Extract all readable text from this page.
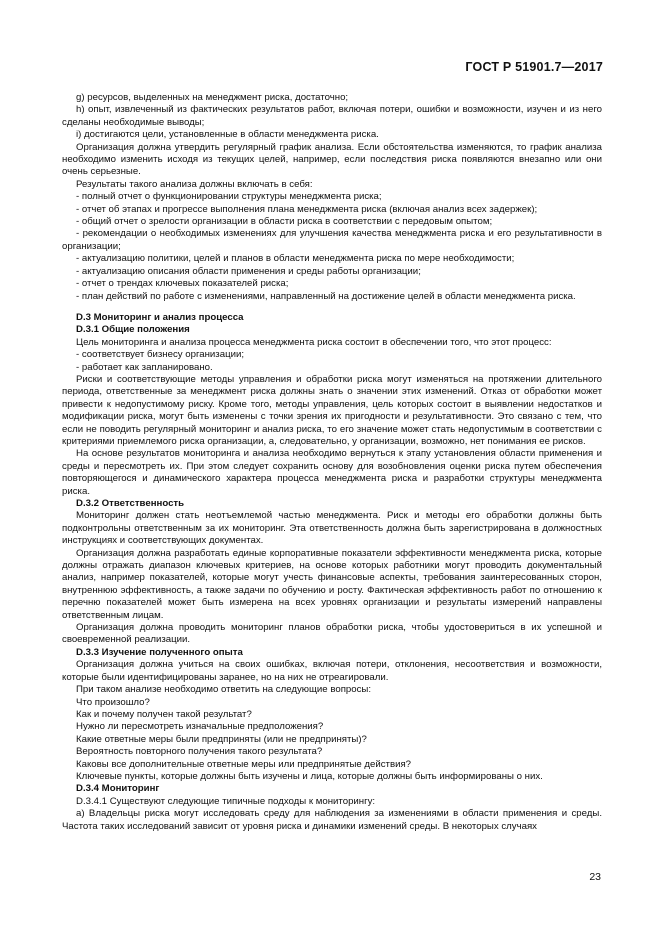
ГОСТ Р 51901.7—2017

g) ресурсов, выделенных на менеджмент риска, достаточно;

h) опыт, извлеченный из фактических результатов работ, включая потери, ошибки и возможности, изучен и из него сделаны необходимые выводы;

i) достигаются цели, установленные в области менеджмента риска.

Организация должна утвердить регулярный график анализа. Если обстоятельства изменяются, то график анализа необходимо изменить исходя из текущих целей, например, если последствия риска появляются внезапно или они очень серьезные.

Результаты такого анализа должны включать в себя:

- полный отчет о функционировании структуры менеджмента риска;

- отчет об этапах и прогрессе выполнения плана менеджмента риска (включая анализ всех задержек);

- общий отчет о зрелости организации в области риска в соответствии с передовым опытом;

- рекомендации о необходимых изменениях для улучшения качества менеджмента риска и его результативности в организации;

- актуализацию политики, целей и планов в области менеджмента риска по мере необходимости;

- актуализацию описания области применения и среды работы организации;

- отчет о трендах ключевых показателей риска;

- план действий по работе с изменениями, направленный на достижение целей в области менеджмента риска.

D.3 Мониторинг и анализ процесса

D.3.1 Общие положения

Цель мониторинга и анализа процесса менеджмента риска состоит в обеспечении того, что этот процесс:

- соответствует бизнесу организации;

- работает как запланировано.

Риски и соответствующие методы управления и обработки риска могут изменяться на протяжении длительного периода, ответственные за менеджмент риска должны знать о значении этих изменений. Отказ от обработки может привести к недопустимому риску. Кроме того, методы управления, цель которых состоит в выявлении недостатков и модификации риска, могут быть изменены с точки зрения их пригодности и результативности. Это связано с тем, что если не поводить регулярный мониторинг и анализ риска, то его значение может стать недопустимым в соответствии с критериями приемлемого риска организации, а, следовательно, у организации, возможно, нет понимания ее рисков.

На основе результатов мониторинга и анализа необходимо вернуться к этапу установления области применения и среды и пересмотреть их. При этом следует сохранить основу для возобновления оценки риска путем обеспечения повторяющегося и динамического характера процесса менеджмента риска и разработки структуры менеджмента риска.

D.3.2 Ответственность

Мониторинг должен стать неотъемлемой частью менеджмента. Риск и методы его обработки должны быть подконтрольны ответственным за их мониторинг. Эта ответственность должна быть зарегистрирована в должностных инструкциях и соответствующих документах.

Организация должна разработать единые корпоративные показатели эффективности менеджмента риска, которые должны отражать диапазон ключевых критериев, на основе которых работники могут проводить документальный анализ, например показателей, которые могут учесть финансовые аспекты, требования заинтересованных сторон, внутреннюю эффективность, а также задачи по обучению и росту. Фактическая эффективность работ по отношению к перечню показателей может быть измерена на всех уровнях организации и результаты измерений направлены ответственным лицам.

Организация должна проводить мониторинг планов обработки риска, чтобы удостовериться в их успешной и своевременной реализации.

D.3.3 Изучение полученного опыта

Организация должна учиться на своих ошибках, включая потери, отклонения, несоответствия и возможности, которые были идентифицированы заранее, но на них не отреагировали.

При таком анализе необходимо ответить на следующие вопросы:

Что произошло?

Как и почему получен такой результат?

Нужно ли пересмотреть изначальные предположения?

Какие ответные меры были предприняты (или не предприняты)?

Вероятность повторного получения такого результата?

Каковы все дополнительные ответные меры или предпринятые действия?

Ключевые пункты, которые должны быть изучены и лица, которые должны быть информированы о них.

D.3.4 Мониторинг

D.3.4.1 Существуют следующие типичные подходы к мониторингу:

а) Владельцы риска могут исследовать среду для наблюдения за изменениями в области применения и среды. Частота таких исследований зависит от уровня риска и динамики изменений среды. В некоторых случаях

23
